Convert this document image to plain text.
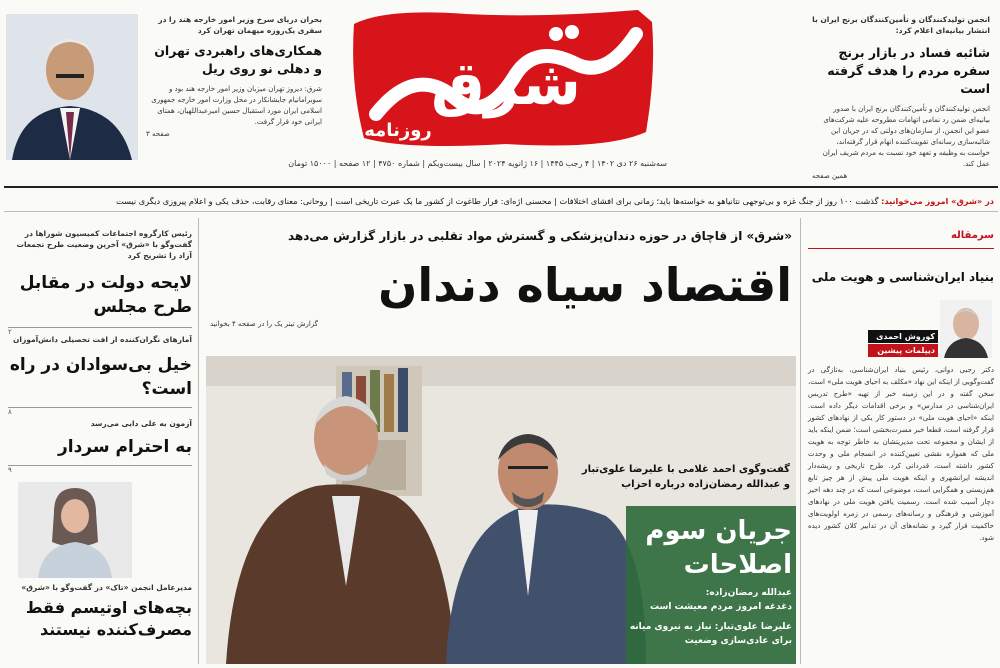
شرق
روزنامه
سه‌شنبه ۲۶ دی ۱۴۰۲ | ۴ رجب ۱۴۴۵ | ۱۶ ژانویه ۲۰۲۴ | سال بیست‌ویکم | شماره ۴۷۵۰ | ۱۲ صفحه | ۱۵۰۰۰ تومان
انجمن تولیدکنندگان و تأمین‌کنندگان برنج ایران با انتشار بیانیه‌ای اعلام کرد:
شائبه فساد در بازار برنج سفره مردم را هدف گرفته است
انجمن تولیدکنندگان و تأمین‌کنندگان برنج ایران با صدور بیانیه‌ای ضمن رد تمامی اتهامات مطروحه علیه شرکت‌های عضو این انجمن، از سازمان‌های دولتی که در جریان این شائبه‌سازی رسانه‌ای تقویت‌کننده اتهام قرار گرفته‌اند، خواست به وظیفه و تعهد خود نسبت به مردم شریف ایران عمل کند.
همین صفحه
بحران دریای سرخ وزیر امور خارجه هند را در سفری یک‌روزه میهمان تهران کرد
همکاری‌های راهبردی تهران و دهلی نو روی ریل
شرق: دیروز تهران میزبان وزیر امور خارجه هند بود و سوبرامانیام جایشانکار در محل وزارت امور خارجه جمهوری اسلامی ایران مورد استقبال حسین امیرعبداللهیان، همتای ایرانی خود قرار گرفت.
صفحه ۳
در «شرق» امروز می‌خوانید: گذشت ۱۰۰ روز از جنگ غزه و بی‌توجهی نتانیاهو به خواسته‌ها باید؛ زمانی برای افشای اختلافات | محسنی اژه‌ای: فرار طاغوت از کشور ما یک عبرت تاریخی است | روحانی: معنای رقابت، حذف یکی و اعلام پیروزی دیگری نیست
«شرق» از قاچاق در حوزه دندان‌پزشکی و گسترش مواد تقلبی در بازار گزارش می‌دهد
اقتصاد سیاه دندان
گزارش تیتر یک را در صفحه ۴ بخوانید
گفت‌وگوی احمد غلامی با علیرضا علوی‌تبار
و عبدالله رمضان‌زاده درباره احزاب
جریان سوم
اصلاحات
عبدالله رمضان‌زاده:
دغدغه امروز مردم معیشت است
علیرضا علوی‌تبار: نیاز به نیروی میانه
برای عادی‌سازی وضعیت
سرمقاله
بنیاد ایران‌شناسی و هویت ملی
کوروش احمدی
دیپلمات پیشین
دکتر رجبی دوانی، رئیس بنیاد ایران‌شناسی، به‌تازگی در گفت‌وگویی از اینکه این نهاد «مکلف به احیای هویت ملی» است، سخن گفته و در این زمینه خبر از تهیه «طرح تدریس ایران‌شناسی در مدارس» و برخی اقدامات دیگر داده است. اینکه «احیای هویت ملی» در دستور کار یکی از نهادهای کشور قرار گرفته است، قطعا خبر مسرت‌بخشی است؛ ضمن اینکه باید از ایشان و مجموعه تحت مدیریتشان به خاطر توجه به هویت ملی که همواره نقشی تعیین‌کننده در انسجام ملی و وحدت کشور داشته است، قدردانی کرد. طرح تاریخی و ریشه‌دار اندیشه ایرانشهری و اینکه هویت ملی پیش از هر چیز تابع هم‌زیستی و همگرایی است، موضوعی است که در چند دهه اخیر دچار آسیب شده است. رسمیت یافتن هویت ملی در نهادهای آموزشی و فرهنگی و رسانه‌های رسمی در زمره اولویت‌های حاکمیت قرار گیرد و نشانه‌های آن در تدابیر کلان کشور دیده شود.
رئیس کارگروه اجتماعات کمیسیون شوراها در گفت‌وگو با «شرق» آخرین وضعیت طرح تجمعات آزاد را تشریح کرد
لایحه دولت در مقابل طرح مجلس
۲
آمارهای نگران‌کننده از افت تحصیلی دانش‌آموزان
خیل بی‌سوادان در راه است؟
۸
آزمون به علی دایی می‌رسد
به احترام سردار
۹
مدیرعامل انجمن «تاک» در گفت‌وگو با «شرق»
بچه‌های اوتیسم فقط مصرف‌کننده نیستند
